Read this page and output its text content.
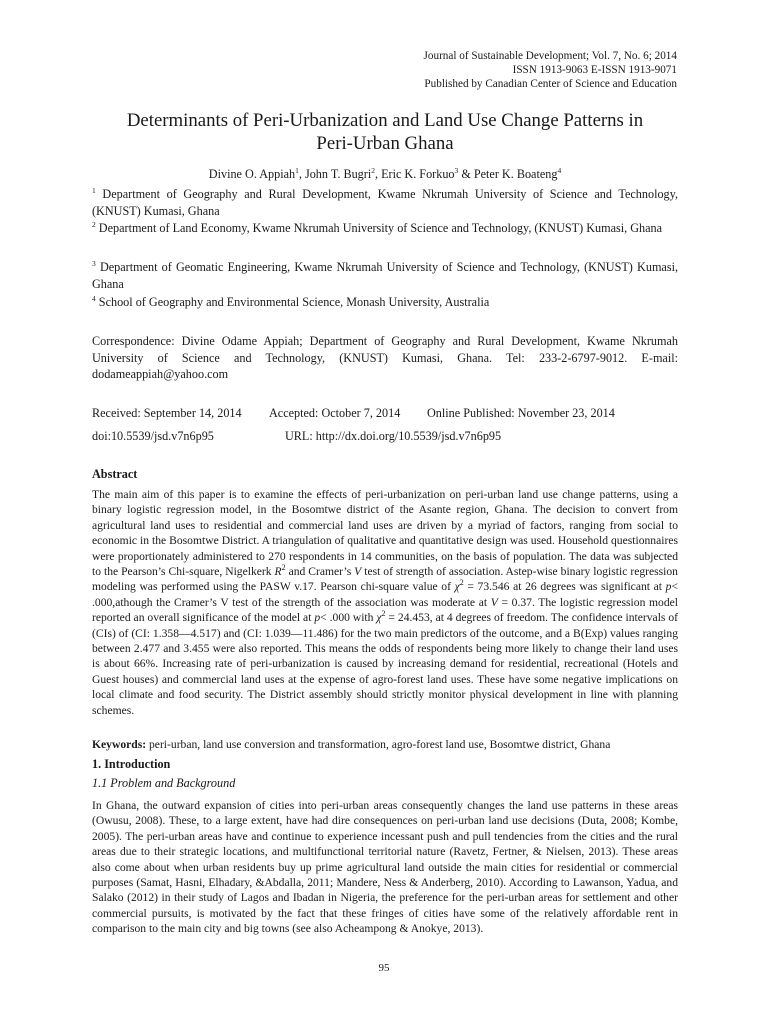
Journal of Sustainable Development; Vol. 7, No. 6; 2014
ISSN 1913-9063 E-ISSN 1913-9071
Published by Canadian Center of Science and Education
Determinants of Peri-Urbanization and Land Use Change Patterns in
Peri-Urban Ghana
Divine O. Appiah$^1$, John T. Bugri$^2$, Eric K. Forkuo$^3$ & Peter K. Boateng$^4$
$^1$ Department of Geography and Rural Development, Kwame Nkrumah University of Science and Technology, (KNUST) Kumasi, Ghana
$^2$ Department of Land Economy, Kwame Nkrumah University of Science and Technology, (KNUST) Kumasi, Ghana
$^3$ Department of Geomatic Engineering, Kwame Nkrumah University of Science and Technology, (KNUST) Kumasi, Ghana
$^4$ School of Geography and Environmental Science, Monash University, Australia
Correspondence: Divine Odame Appiah; Department of Geography and Rural Development, Kwame Nkrumah University of Science and Technology, (KNUST) Kumasi, Ghana. Tel: 233-2-6797-9012. E-mail: dodameappiah@yahoo.com
Received: September 14, 2014 Accepted: October 7, 2014 Online Published: November 23, 2014
doi:10.5539/jsd.v7n6p95	URL: http://dx.doi.org/10.5539/jsd.v7n6p95
Abstract

The main aim of this paper is to examine the effects of peri-urbanization on peri-urban land use change patterns, using a binary logistic regression model, in the Bosomtwe district of the Asante region, Ghana. The decision to convert from agricultural land uses to residential and commercial land uses are driven by a myriad of factors, ranging from social to economic in the Bosomtwe District. A triangulation of qualitative and quantitative design was used. Household questionnaires were proportionately administered to 270 respondents in 14 communities, on the basis of population. The data was subjected to the Pearson’s Chi-square, Nigelkerk $R^2$ and Cramer’s V test of strength of association. Astep-wise binary logistic regression modeling was performed using the PASW v.17. Pearson chi-square value of $\chi^2 = 73.546$ at 26 degrees was significant at p< .000,athough the Cramer’s V test of the strength of the association was moderate at V = 0.37. The logistic regression model reported an overall significance of the model at p< .000 with $\chi^2 = 24.453$, at 4 degrees of freedom. The confidence intervals of (CIs) of (CI: 1.358—4.517) and (CI: 1.039—11.486) for the two main predictors of the outcome, and a B(Exp) values ranging between 2.477 and 3.455 were also reported. This means the odds of respondents being more likely to change their land uses is about 66%. Increasing rate of peri-urbanization is caused by increasing demand for residential, recreational (Hotels and Guest houses) and commercial land uses at the expense of agro-forest land uses. These have some negative implications on local climate and food security. The District assembly should strictly monitor physical development in line with planning schemes.

Keywords: peri-urban, land use conversion and transformation, agro-forest land use, Bosomtwe district, Ghana
1. Introduction
1.1 Problem and Background
In Ghana, the outward expansion of cities into peri-urban areas consequently changes the land use patterns in these areas (Owusu, 2008). These, to a large extent, have had dire consequences on peri-urban land use decisions (Duta, 2008; Kombe, 2005). The peri-urban areas have and continue to experience incessant push and pull tendencies from the cities and the rural areas due to their strategic locations, and multifunctional territorial nature (Ravetz, Fertner, & Nielsen, 2013). These areas also come about when urban residents buy up prime agricultural land outside the main cities for residential or commercial purposes (Samat, Hasni, Elhadary, &Abdalla, 2011; Mandere, Ness & Anderberg, 2010). According to Lawanson, Yadua, and Salako (2012) in their study of Lagos and Ibadan in Nigeria, the preference for the peri-urban areas for settlement and other commercial pursuits, is motivated by the fact that these fringes of cities have some of the relatively affordable rent in comparison to the main city and big towns (see also Acheampong & Anokye, 2013).
95
